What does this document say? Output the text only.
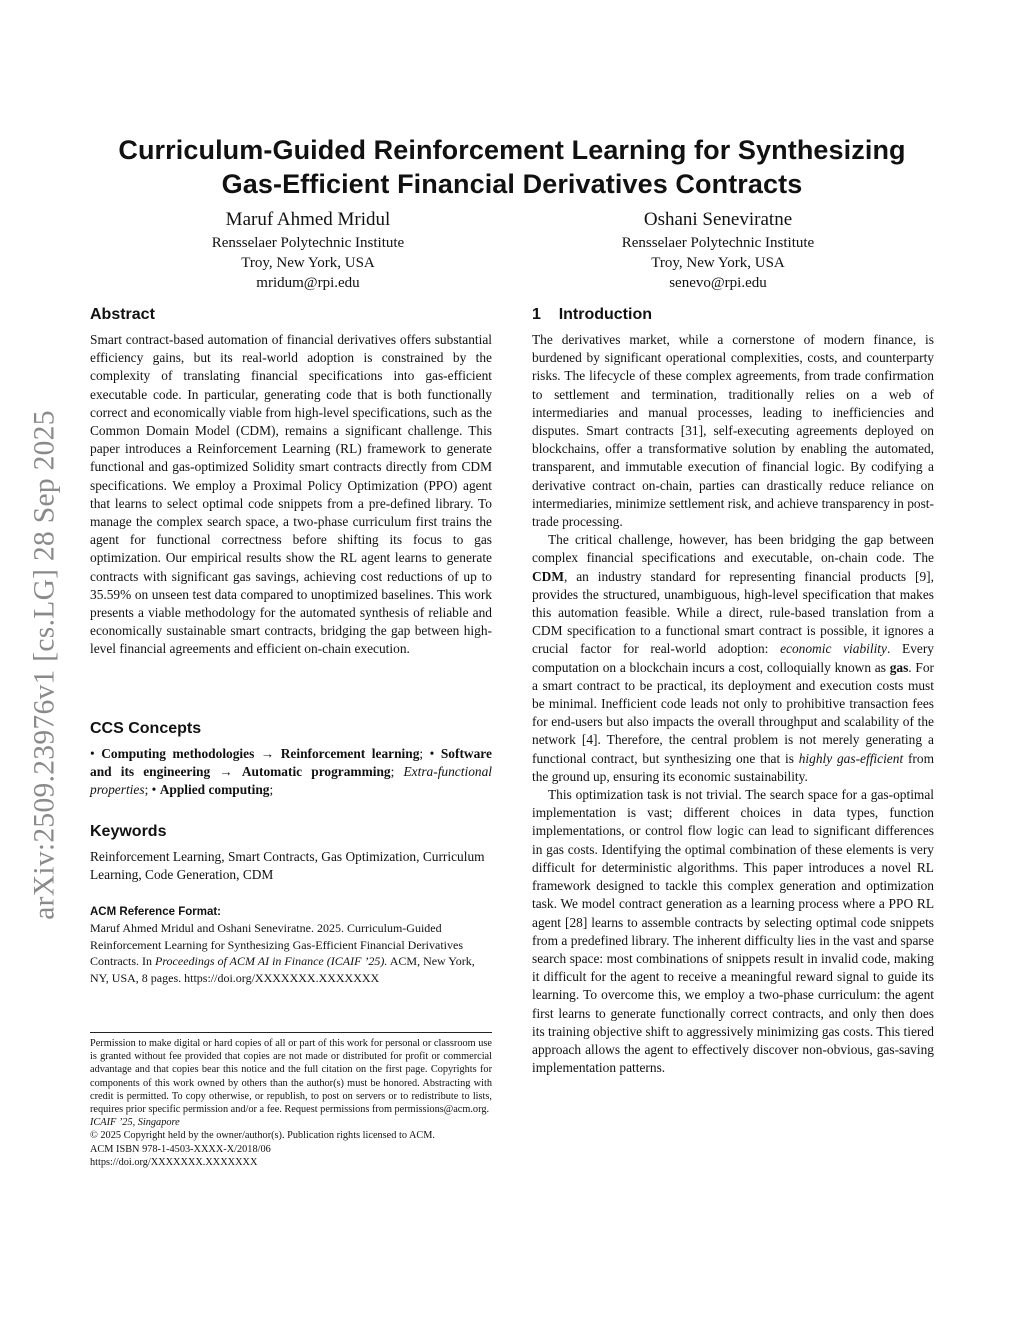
arXiv:2509.23976v1 [cs.LG] 28 Sep 2025
Curriculum-Guided Reinforcement Learning for Synthesizing
Gas-Efficient Financial Derivatives Contracts
Maruf Ahmed Mridul
Rensselaer Polytechnic Institute
Troy, New York, USA
mridum@rpi.edu
Oshani Seneviratne
Rensselaer Polytechnic Institute
Troy, New York, USA
senevo@rpi.edu
Abstract

Smart contract-based automation of financial derivatives offers substantial efficiency gains, but its real-world adoption is constrained by the complexity of translating financial specifications into gas-efficient executable code. In particular, generating code that is both functionally correct and economically viable from high-level specifications, such as the Common Domain Model (CDM), remains a significant challenge. This paper introduces a Reinforcement Learning (RL) framework to generate functional and gas-optimized Solidity smart contracts directly from CDM specifications. We employ a Proximal Policy Optimization (PPO) agent that learns to select optimal code snippets from a pre-defined library. To manage the complex search space, a two-phase curriculum first trains the agent for functional correctness before shifting its focus to gas optimization. Our empirical results show the RL agent learns to generate contracts with significant gas savings, achieving cost reductions of up to 35.59% on unseen test data compared to unoptimized baselines. This work presents a viable methodology for the automated synthesis of reliable and economically sustainable smart contracts, bridging the gap between high-level financial agreements and efficient on-chain execution.

CCS Concepts

• Computing methodologies → Reinforcement learning; • Software and its engineering → Automatic programming; Extra-functional properties; • Applied computing;

Keywords

Reinforcement Learning, Smart Contracts, Gas Optimization, Curriculum Learning, Code Generation, CDM

ACM Reference Format:

Maruf Ahmed Mridul and Oshani Seneviratne. 2025. Curriculum-Guided Reinforcement Learning for Synthesizing Gas-Efficient Financial Derivatives Contracts. In Proceedings of ACM AI in Finance (ICAIF ’25). ACM, New York, NY, USA, 8 pages. https://doi.org/XXXXXXX.XXXXXXX

Permission to make digital or hard copies of all or part of this work for personal or classroom use is granted without fee provided that copies are not made or distributed for profit or commercial advantage and that copies bear this notice and the full citation on the first page. Copyrights for components of this work owned by others than the author(s) must be honored. Abstracting with credit is permitted. To copy otherwise, or republish, to post on servers or to redistribute to lists, requires prior specific permission and/or a fee. Request permissions from permissions@acm.org.

ICAIF ’25, Singapore

© 2025 Copyright held by the owner/author(s). Publication rights licensed to ACM.

ACM ISBN 978-1-4503-XXXX-X/2018/06

https://doi.org/XXXXXXX.XXXXXXX

1 Introduction

The derivatives market, while a cornerstone of modern finance, is burdened by significant operational complexities, costs, and counterparty risks. The lifecycle of these complex agreements, from trade confirmation to settlement and termination, traditionally relies on a web of intermediaries and manual processes, leading to inefficiencies and disputes. Smart contracts [31], self-executing agreements deployed on blockchains, offer a transformative solution by enabling the automated, transparent, and immutable execution of financial logic. By codifying a derivative contract on-chain, parties can drastically reduce reliance on intermediaries, minimize settlement risk, and achieve transparency in post-trade processing.

The critical challenge, however, has been bridging the gap between complex financial specifications and executable, on-chain code. The CDM, an industry standard for representing financial products [9], provides the structured, unambiguous, high-level specification that makes this automation feasible. While a direct, rule-based translation from a CDM specification to a functional smart contract is possible, it ignores a crucial factor for real-world adoption: economic viability. Every computation on a blockchain incurs a cost, colloquially known as gas. For a smart contract to be practical, its deployment and execution costs must be minimal. Inefficient code leads not only to prohibitive transaction fees for end-users but also impacts the overall throughput and scalability of the network [4]. Therefore, the central problem is not merely generating a functional contract, but synthesizing one that is highly gas-efficient from the ground up, ensuring its economic sustainability.

This optimization task is not trivial. The search space for a gas-optimal implementation is vast; different choices in data types, function implementations, or control flow logic can lead to significant differences in gas costs. Identifying the optimal combination of these elements is very difficult for deterministic algorithms. This paper introduces a novel RL framework designed to tackle this complex generation and optimization task. We model contract generation as a learning process where a PPO RL agent [28] learns to assemble contracts by selecting optimal code snippets from a predefined library. The inherent difficulty lies in the vast and sparse search space: most combinations of snippets result in invalid code, making it difficult for the agent to receive a meaningful reward signal to guide its learning. To overcome this, we employ a two-phase curriculum: the agent first learns to generate functionally correct contracts, and only then does its training objective shift to aggressively minimizing gas costs. This tiered approach allows the agent to effectively discover non-obvious, gas-saving implementation patterns.
